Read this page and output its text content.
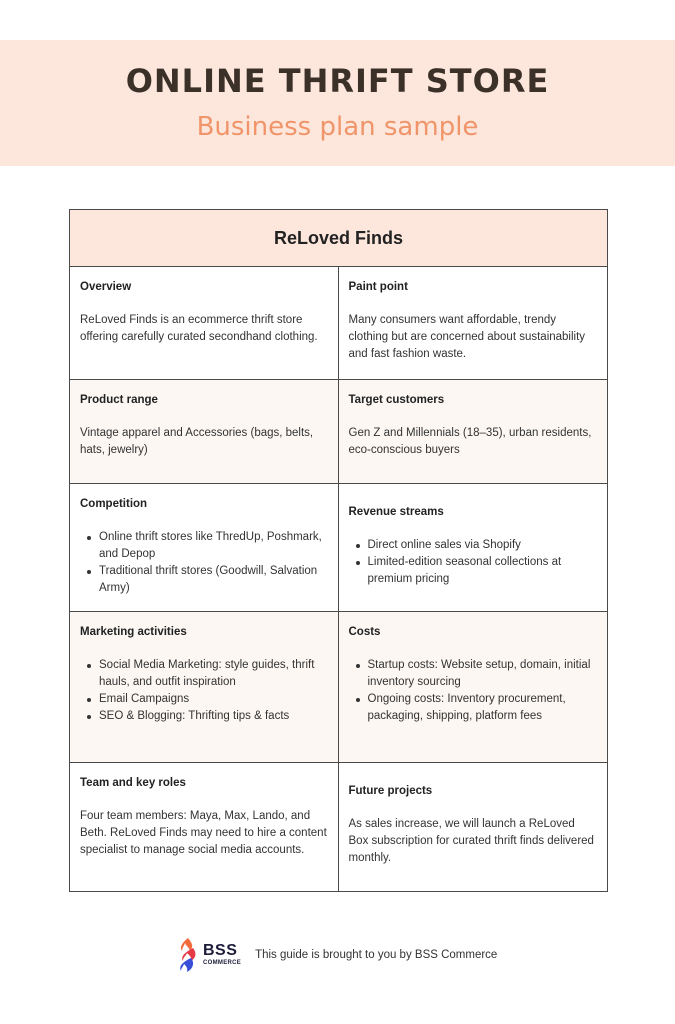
ONLINE THRIFT STORE
Business plan sample
ReLoved Finds
Overview
ReLoved Finds is an ecommerce thrift store offering carefully curated secondhand clothing.
Paint point
Many consumers want affordable, trendy clothing but are concerned about sustainability and fast fashion waste.
Product range
Vintage apparel and Accessories (bags, belts, hats, jewelry)
Target customers
Gen Z and Millennials (18–35), urban residents, eco-conscious buyers
Competition
Online thrift stores like ThredUp, Poshmark, and Depop
Traditional thrift stores (Goodwill, Salvation Army)
Revenue streams
Direct online sales via Shopify
Limited-edition seasonal collections at premium pricing
Marketing activities
Social Media Marketing: style guides, thrift hauls, and outfit inspiration
Email Campaigns
SEO & Blogging: Thrifting tips & facts
Costs
Startup costs: Website setup, domain, initial inventory sourcing
Ongoing costs: Inventory procurement, packaging, shipping, platform fees
Team and key roles
Four team members: Maya, Max, Lando, and Beth. ReLoved Finds may need to hire a content specialist to manage social media accounts.
Future projects
As sales increase, we will launch a ReLoved Box subscription for curated thrift finds delivered monthly.
BSS
COMMERCE
This guide is brought to you by BSS Commerce
